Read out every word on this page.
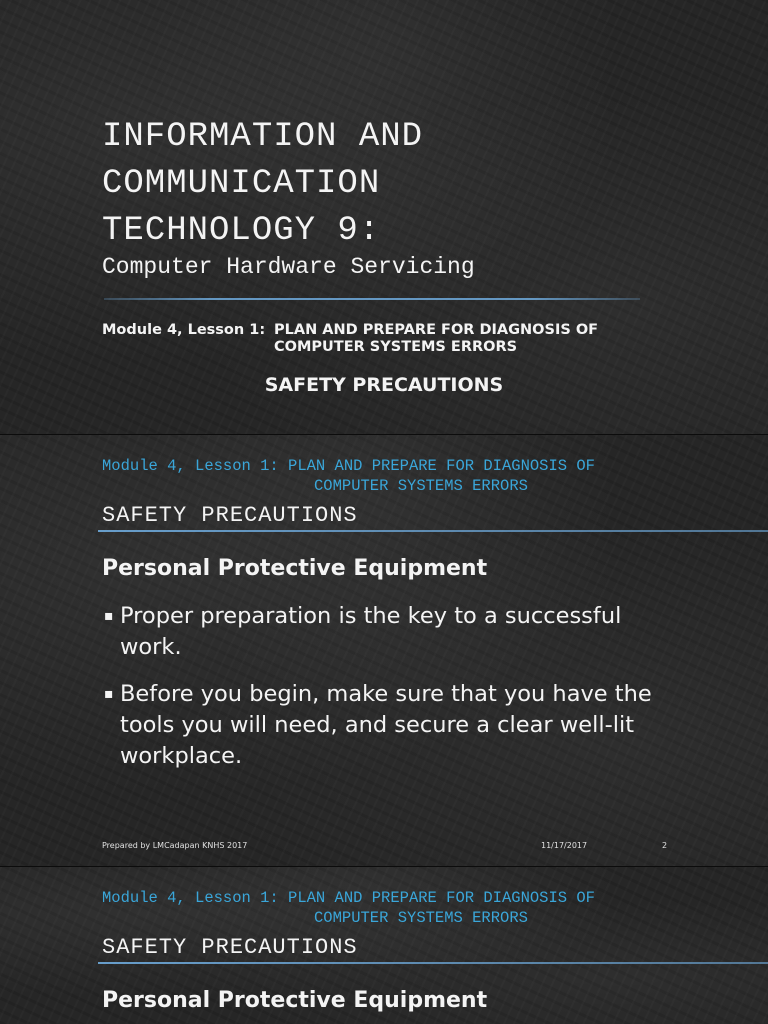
INFORMATION AND
COMMUNICATION
TECHNOLOGY 9:
Computer Hardware Servicing
Module 4, Lesson 1: PLAN AND PREPARE FOR DIAGNOSIS OF
COMPUTER SYSTEMS ERRORS
SAFETY PRECAUTIONS
Module 4, Lesson 1: PLAN AND PREPARE FOR DIAGNOSIS OF
COMPUTER SYSTEMS ERRORS
SAFETY PRECAUTIONS
Personal Protective Equipment
▪ Proper preparation is the key to a successful work.
▪ Before you begin, make sure that you have the tools you will need, and secure a clear well-lit workplace.
Prepared by LMCadapan KNHS 2017	11/17/2017	2
Module 4, Lesson 1: PLAN AND PREPARE FOR DIAGNOSIS OF
COMPUTER SYSTEMS ERRORS
SAFETY PRECAUTIONS
Personal Protective Equipment
